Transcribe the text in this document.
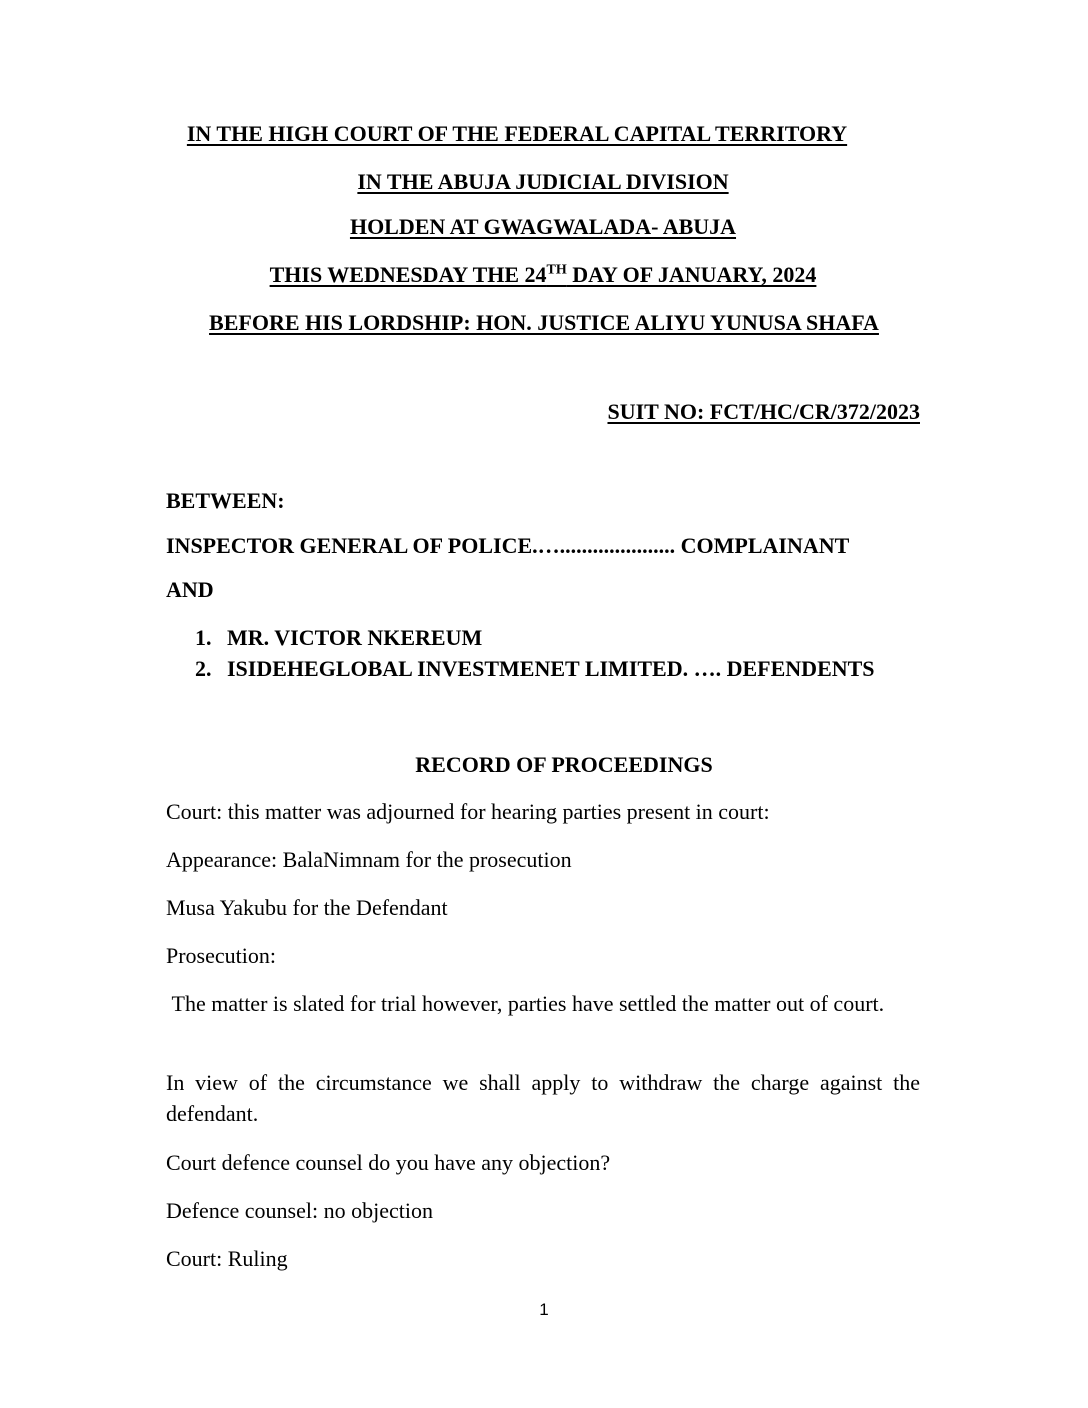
IN THE HIGH COURT OF THE FEDERAL CAPITAL TERRITORY
IN THE ABUJA JUDICIAL DIVISION
HOLDEN AT GWAGWALADA- ABUJA
THIS WEDNESDAY THE 24TH DAY OF JANUARY, 2024
BEFORE HIS LORDSHIP: HON. JUSTICE ALIYU YUNUSA SHAFA
SUIT NO: FCT/HC/CR/372/2023
BETWEEN:
INSPECTOR GENERAL OF POLICE.…..................... COMPLAINANT
AND
1. MR. VICTOR NKEREUM
2. ISIDEHEGLOBAL INVESTMENET LIMITED. …. DEFENDENTS
RECORD OF PROCEEDINGS
Court: this matter was adjourned for hearing parties present in court:
Appearance: BalaNimnam for the prosecution
Musa Yakubu for the Defendant
Prosecution:
The matter is slated for trial however, parties have settled the matter out of court.
In view of the circumstance we shall apply to withdraw the charge against the defendant.
Court defence counsel do you have any objection?
Defence counsel: no objection
Court: Ruling
1
